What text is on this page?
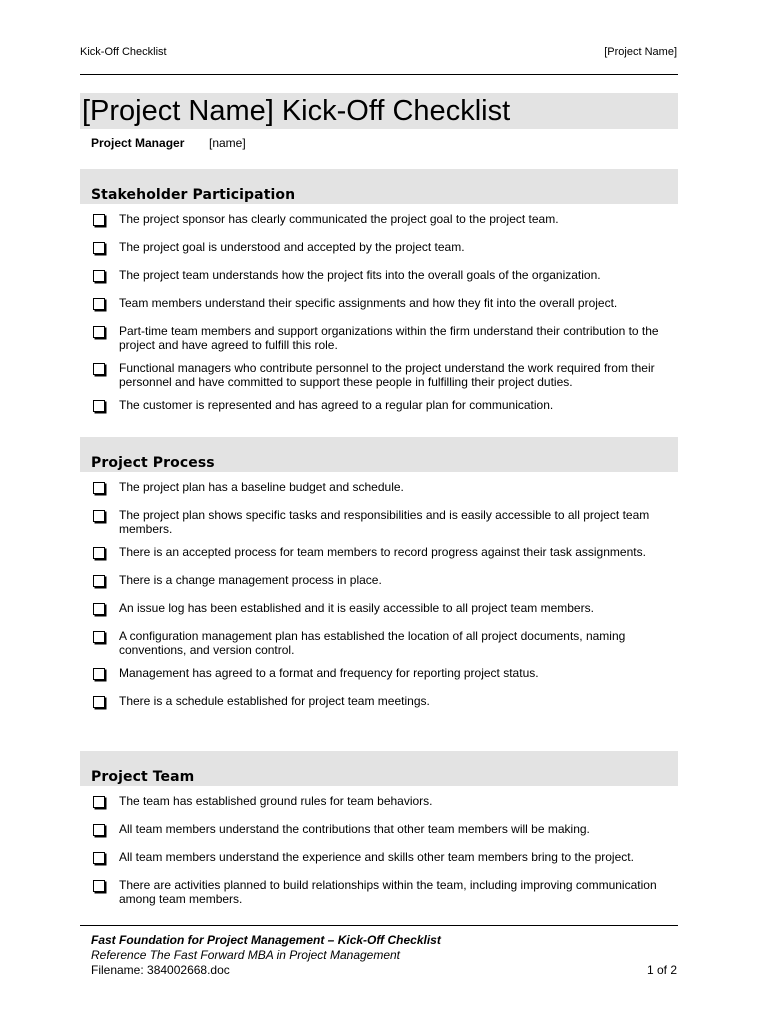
Kick-Off Checklist	[Project Name]
[Project Name] Kick-Off Checklist
Project Manager [name]
Stakeholder Participation
The project sponsor has clearly communicated the project goal to the project team.
The project goal is understood and accepted by the project team.
The project team understands how the project fits into the overall goals of the organization.
Team members understand their specific assignments and how they fit into the overall project.
Part-time team members and support organizations within the firm understand their contribution to the project and have agreed to fulfill this role.
Functional managers who contribute personnel to the project understand the work required from their personnel and have committed to support these people in fulfilling their project duties.
The customer is represented and has agreed to a regular plan for communication.
Project Process
The project plan has a baseline budget and schedule.
The project plan shows specific tasks and responsibilities and is easily accessible to all project team members.
There is an accepted process for team members to record progress against their task assignments.
There is a change management process in place.
An issue log has been established and it is easily accessible to all project team members.
A configuration management plan has established the location of all project documents, naming conventions, and version control.
Management has agreed to a format and frequency for reporting project status.
There is a schedule established for project team meetings.
Project Team
The team has established ground rules for team behaviors.
All team members understand the contributions that other team members will be making.
All team members understand the experience and skills other team members bring to the project.
There are activities planned to build relationships within the team, including improving communication among team members.
Fast Foundation for Project Management – Kick-Off Checklist
Reference The Fast Forward MBA in Project Management
Filename: 384002668.doc	1 of 2
